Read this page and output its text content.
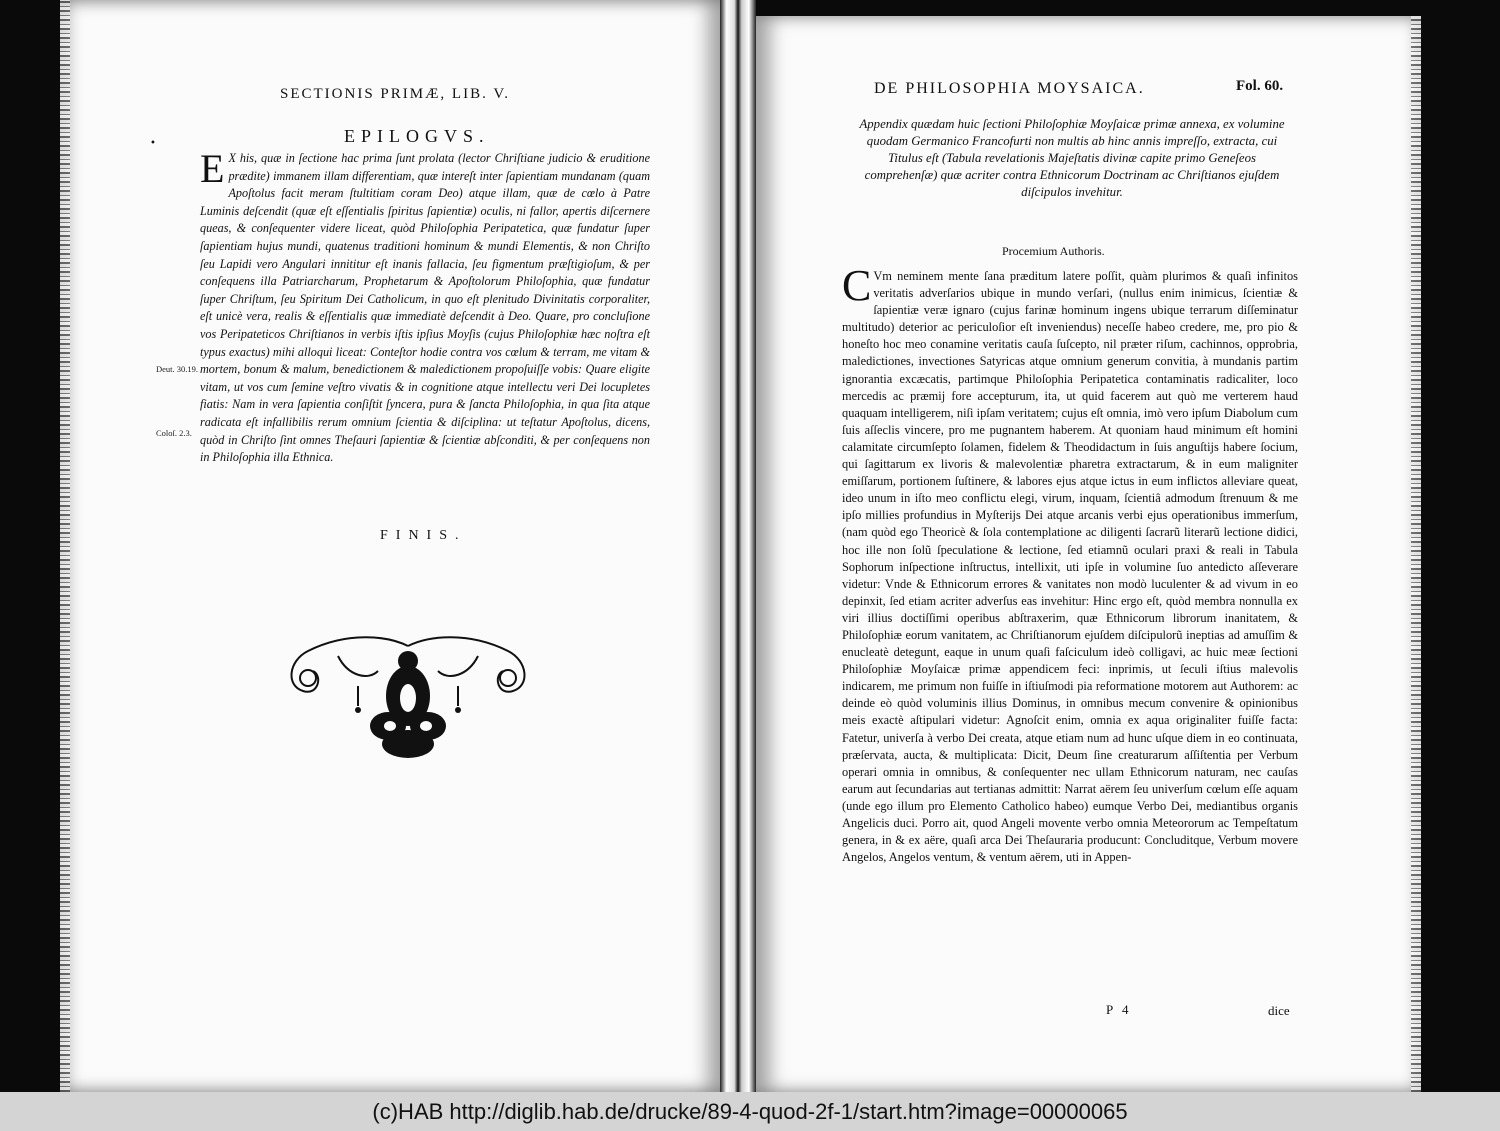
SECTIONIS PRIMÆ, LIB. V.
•	EPILOGVS.
E X his, quæ in ſectione hac prima ſunt prolata (lector Chriſtiane judicio & eruditione prædite) immanem illam differentiam, quæ intereſt inter ſapientiam mundanam (quam Apoſtolus facit meram ſtultitiam coram Deo) atque illam, quæ de cœlo à Patre Luminis deſcendit (quæ eſt eſſentialis ſpiritus ſapientiæ) oculis, ni fallor, apertis diſcernere queas, & conſequenter videre liceat, quòd Philoſophia Peripatetica, quæ fundatur ſuper ſapientiam hujus mundi, quatenus traditioni hominum & mundi Elementis, & non Chriſto ſeu Lapidi vero Angulari innititur eſt inanis fallacia, ſeu figmentum præſtigioſum, & per conſequens illa Patriarcharum, Prophetarum & Apoſtolorum Philoſophia, quæ fundatur ſuper Chriſtum, ſeu Spiritum Dei Catholicum, in quo eſt plenitudo Divinitatis corporaliter, eſt unicè vera, realis & eſſentialis quæ immediatè deſcendit à Deo. Quare, pro concluſione vos Peripateticos Chriſtianos in verbis iſtis ipſius Moyſis (cujus Philoſophiæ hæc noſtra eſt typus exactus) mihi alloqui liceat: Conteſtor hodie contra vos cœlum & terram, me vitam & mortem, bonum & malum, benedictionem & maledictionem propoſuiſſe vobis: Quare eligite vitam, ut vos cum ſemine veſtro vivatis & in cognitione atque intellectu veri Dei locupletes fiatis: Nam in vera ſapientia conſiſtit ſyncera, pura & ſancta Philoſophia, in qua ſita atque radicata eſt infallibilis rerum omnium ſcientia & diſciplina: ut teſtatur Apoſtolus, dicens, quòd in Chriſto ſint omnes Theſauri ſapientiæ & ſcientiæ abſconditi, & per conſequens non in Philoſophia illa Ethnica.
Deut. 30.19.
Coloſ. 2.3.
FINIS.
DE PHILOSOPHIA MOYSAICA.	Fol. 60.
Appendix quædam huic ſectioni Philoſophiæ Moyſaicæ primæ annexa, ex volumine quodam Germanico Francofurti non multis ab hinc annis impreſſo, extracta, cui Titulus eſt (Tabula revelationis Majeſtatis divinæ capite primo Geneſeos comprehenſæ) quæ acriter contra Ethnicorum Doctrinam ac Chriſtianos ejuſdem diſcipulos invehitur.
Procemium Authoris.
C Vm neminem mente ſana præditum latere poſſit, quàm plurimos & quaſi infinitos veritatis adverſarios ubique in mundo verſari, (nullus enim inimicus, ſcientiæ & ſapientiæ veræ ignaro (cujus farinæ hominum ingens ubique terrarum diſſeminatur multitudo) deterior ac periculoſior eſt inveniendus) neceſſe habeo credere, me, pro pio & honeſto hoc meo conamine veritatis cauſa ſuſcepto, nil præter riſum, cachinnos, opprobria, maledictiones, invectiones Satyricas atque omnium generum convitia, à mundanis partim ignorantia excæcatis, partimque Philoſophia Peripatetica contaminatis radicaliter, loco mercedis ac præmij fore accepturum, ita, ut quid facerem aut quò me verterem haud quaquam intelligerem, niſi ipſam veritatem; cujus eſt omnia, imò vero ipſum Diabolum cum ſuis aſſeclis vincere, pro me pugnantem haberem. At quoniam haud minimum eſt homini calamitate circumſepto ſolamen, fidelem & Theodidactum in ſuis anguſtijs habere ſocium, qui ſagittarum ex livoris & malevolentiæ pharetra extractarum, & in eum maligniter emiſſarum, portionem ſuſtinere, & labores ejus atque ictus in eum inflictos alleviare queat, ideo unum in iſto meo conflictu elegi, virum, inquam, ſcientiâ admodum ſtrenuum & me ipſo millies profundius in Myſterijs Dei atque arcanis verbi ejus operationibus immerſum, (nam quòd ego Theoricè & ſola contemplatione ac diligenti ſacrarũ literarũ lectione didici, hoc ille non ſolũ ſpeculatione & lectione, ſed etiamnũ oculari praxi & reali in Tabula Sophorum inſpectione inſtructus, intellixit, uti ipſe in volumine ſuo antedicto aſſeverare videtur: Vnde & Ethnicorum errores & vanitates non modò luculenter & ad vivum in eo depinxit, ſed etiam acriter adverſus eas invehitur: Hinc ergo eſt, quòd membra nonnulla ex viri illius doctiſſimi operibus abſtraxerim, quæ Ethnicorum librorum inanitatem, & Philoſophiæ eorum vanitatem, ac Chriſtianorum ejuſdem diſcipulorũ ineptias ad amuſſim & enucleatè detegunt, eaque in unum quaſi faſciculum ideò colligavi, ac huic meæ ſectioni Philoſophiæ Moyſaicæ primæ appendicem feci: inprimis, ut ſeculi iſtius malevolis indicarem, me primum non fuiſſe in iſtiuſmodi pia reformatione motorem aut Authorem: ac deinde eò quòd voluminis illius Dominus, in omnibus mecum convenire & opinionibus meis exactè aſtipulari videtur: Agnoſcit enim, omnia ex aqua originaliter fuiſſe facta: Fatetur, univerſa à verbo Dei creata, atque etiam num ad hunc uſque diem in eo continuata, præſervata, aucta, & multiplicata: Dicit, Deum ſine creaturarum aſſiſtentia per Verbum operari omnia in omnibus, & conſequenter nec ullam Ethnicorum naturam, nec cauſas earum aut ſecundarias aut tertianas admittit: Narrat aërem ſeu univerſum cœlum eſſe aquam (unde ego illum pro Elemento Catholico habeo) eumque Verbo Dei, mediantibus organis Angelicis duci. Porro ait, quod Angeli movente verbo omnia Meteororum ac Tempeſtatum genera, in & ex aëre, quaſi arca Dei Theſauraria producunt: Concluditque, Verbum movere Angelos, Angelos ventum, & ventum aërem, uti in Appen-
P 4	dice
(c)HAB http://diglib.hab.de/drucke/89-4-quod-2f-1/start.htm?image=00000065
